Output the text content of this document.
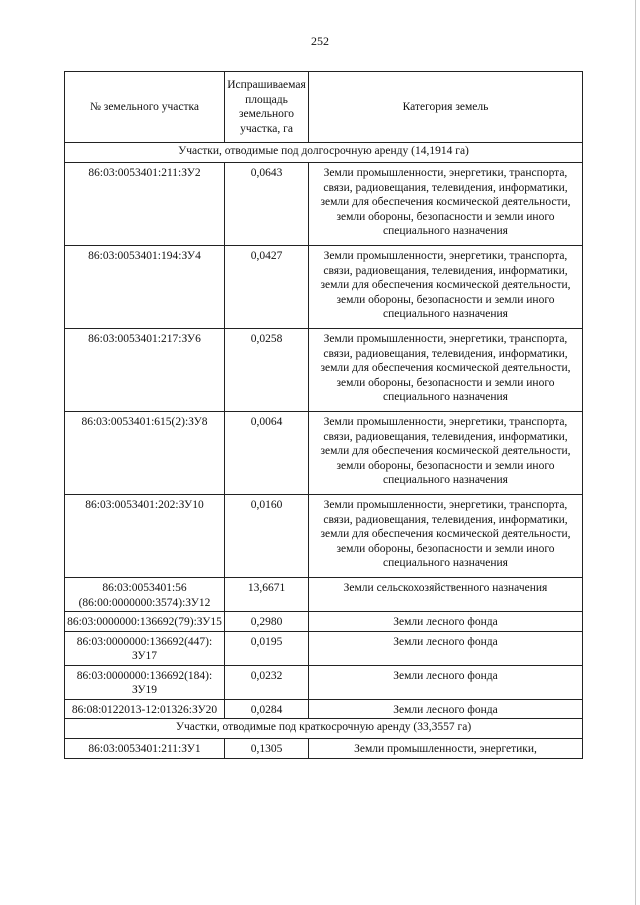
252
№ земельного участка	Испрашиваемая площадь земельного участка, га	Категория земель
Участки, отводимые под долгосрочную аренду (14,1914 га)		
86:03:0053401:211:ЗУ2	0,0643	Земли промышленности, энергетики, транспорта, связи, радиовещания, телевидения, информатики, земли для обеспечения космической деятельности, земли обороны, безопасности и земли иного специального назначения
86:03:0053401:194:ЗУ4	0,0427	Земли промышленности, энергетики, транспорта, связи, радиовещания, телевидения, информатики, земли для обеспечения космической деятельности, земли обороны, безопасности и земли иного специального назначения
86:03:0053401:217:ЗУ6	0,0258	Земли промышленности, энергетики, транспорта, связи, радиовещания, телевидения, информатики, земли для обеспечения космической деятельности, земли обороны, безопасности и земли иного специального назначения
86:03:0053401:615(2):ЗУ8	0,0064	Земли промышленности, энергетики, транспорта, связи, радиовещания, телевидения, информатики, земли для обеспечения космической деятельности, земли обороны, безопасности и земли иного специального назначения
86:03:0053401:202:ЗУ10	0,0160	Земли промышленности, энергетики, транспорта, связи, радиовещания, телевидения, информатики, земли для обеспечения космической деятельности, земли обороны, безопасности и земли иного специального назначения
86:03:0053401:56 (86:00:0000000:3574):ЗУ12	13,6671	Земли сельскохозяйственного назначения
86:03:0000000:136692(79):ЗУ15	0,2980	Земли лесного фонда
86:03:0000000:136692(447): ЗУ17	0,0195	Земли лесного фонда
86:03:0000000:136692(184): ЗУ19	0,0232	Земли лесного фонда
86:08:0122013-12:01326:ЗУ20	0,0284	Земли лесного фонда
Участки, отводимые под краткосрочную аренду (33,3557 га)		
86:03:0053401:211:ЗУ1	0,1305	Земли промышленности, энергетики,
